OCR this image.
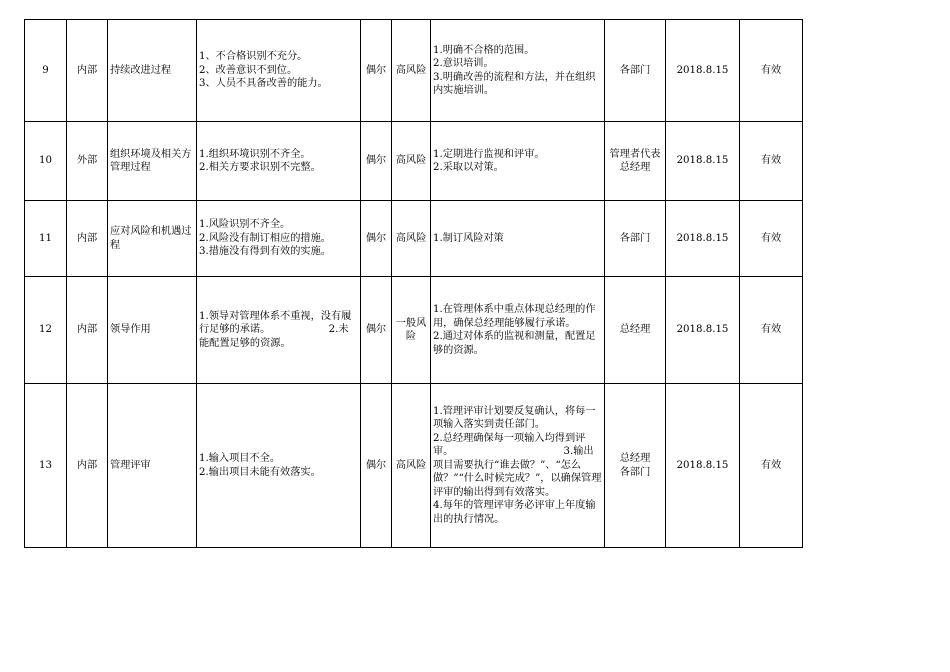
9	内部	持续改进过程	1、不合格识别不充分。
2、改善意识不到位。
3、人员不具备改善的能力。	偶尔	高风险	1.明确不合格的范围。
2.意识培训。
3.明确改善的流程和方法，并在组织内实施培训。	各部门	2018.8.15	有效
10	外部	组织环境及相关方管理过程	1.组织环境识别不齐全。
2.相关方要求识别不完整。	偶尔	高风险	1.定期进行监视和评审。
2.采取以对策。	管理者代表
总经理	2018.8.15	有效
11	内部	应对风险和机遇过程	1.风险识别不齐全。
2.风险没有制订相应的措施。
3.措施没有得到有效的实施。	偶尔	高风险	1.制订风险对策	各部门	2018.8.15	有效
12	内部	领导作用	1.领导对管理体系不重视，没有履行足够的承诺。                  2.未能配置足够的资源。	偶尔	一般风险	1.在管理体系中重点体现总经理的作用，确保总经理能够履行承诺。
2.通过对体系的监视和测量，配置足够的资源。	总经理	2018.8.15	有效
13	内部	管理评审	1.输入项目不全。                      2.输出项目未能有效落实。	偶尔	高风险	1.管理评审计划要反复确认，将每一项输入落实到责任部门。
2.总经理确保每一项输入均得到评审。                                  3.输出项目需要执行“谁去做？”、“怎么做？”“什么时候完成？”，以确保管理评审的输出得到有效落实。
4.每年的管理评审务必评审上年度输出的执行情况。	总经理
各部门	2018.8.15	有效
